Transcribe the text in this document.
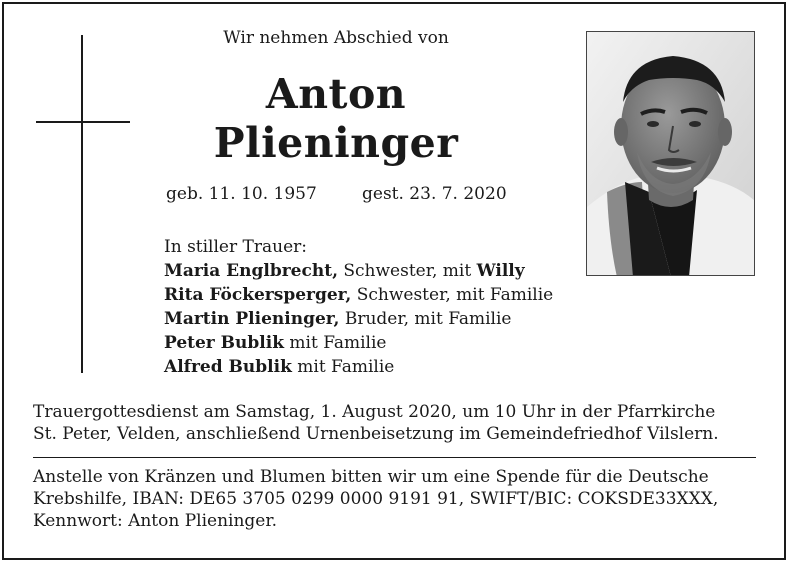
Wir nehmen Abschied von
Anton
Plieninger
geb. 11. 10. 1957	gest. 23. 7. 2020
In stiller Trauer:
Maria Englbrecht, Schwester, mit Willy
Rita Föckersperger, Schwester, mit Familie
Martin Plieninger, Bruder, mit Familie
Peter Bublik mit Familie
Alfred Bublik mit Familie
Trauergottesdienst am Samstag, 1. August 2020, um 10 Uhr in der Pfarrkirche
St. Peter, Velden, anschließend Urnenbeisetzung im Gemeindefriedhof Vilslern.
Anstelle von Kränzen und Blumen bitten wir um eine Spende für die Deutsche
Krebshilfe, IBAN: DE65 3705 0299 0000 9191 91, SWIFT/BIC: COKSDE33XXX,
Kennwort: Anton Plieninger.
